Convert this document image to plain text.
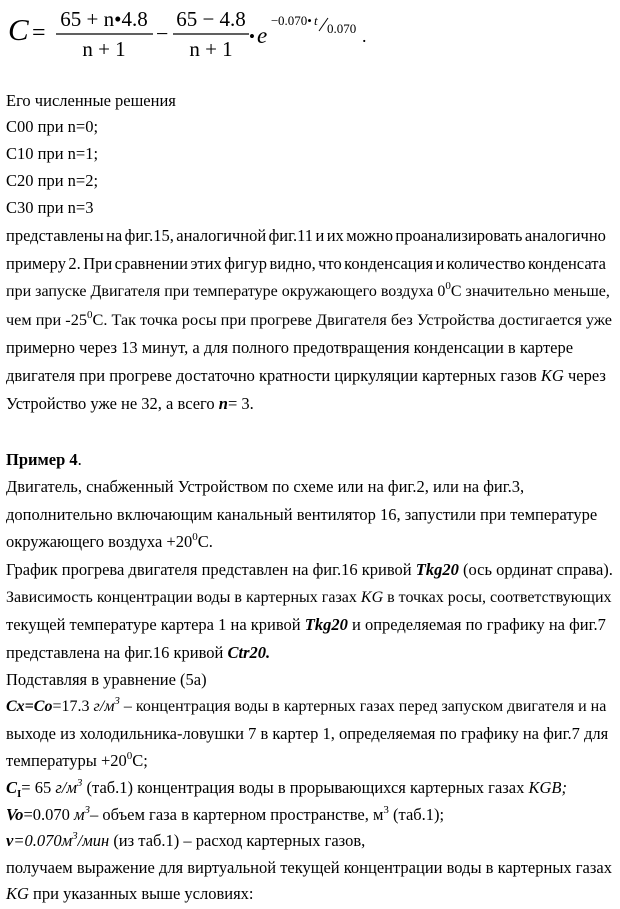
C =
65 + n•4.8
n + 1
−
65 − 4.8
n + 1
• e
− 0.070• t
0.070 .
Его численные решения
С00 при n=0;
С10 при n=1;
С20 при n=2;
С30 при n=3
представлены на фиг.15, аналогичной фиг.11 и их можно проанализировать аналогично
примеру 2. При сравнении этих фигур видно, что конденсация и количество конденсата
при запуске Двигателя при температуре окружающего воздуха $0^0С$ значительно меньше,
чем при $-25^0С$. Так точка росы при прогреве Двигателя без Устройства достигается уже
примерно через 13 минут, а для полного предотвращения конденсации в картере
двигателя при прогреве достаточно кратности циркуляции картерных газов KG через
Устройство уже не 32, а всего n= 3.
Пример 4.
Двигатель, снабженный Устройством по схеме или на фиг.2, или на фиг.3,
дополнительно включающим канальный вентилятор 16, запустили при температуре
окружающего воздуха $+20^0С$.
График прогрева двигателя представлен на фиг.16 кривой Tkg20 (ось ординат справа).
Зависимость концентрации воды в картерных газах KG в точках росы, соответствующих
текущей температуре картера 1 на кривой Tkg20 и определяемая по графику на фиг.7
представлена на фиг.16 кривой Ctr20.
Подставляя в уравнение (5а)
Cx=Co=17.3 $г/м^3$ – концентрация воды в картерных газах перед запуском двигателя и на
выходе из холодильника-ловушки 7 в картер 1, определяемая по графику на фиг.7 для
температуры $+20^0С$;
$C_I= 65$ $г/м^3$ (таб.1) концентрация воды в прорывающихся картерных газах KGB;
Vo=0.070 $м^3-$ объем газа в картерном пространстве, $м^3$ (таб.1);
$v=0.070м^3$/мин (из таб.1) – расход картерных газов,
получаем выражение для виртуальной текущей концентрации воды в картерных газах
KG при указанных выше условиях:
